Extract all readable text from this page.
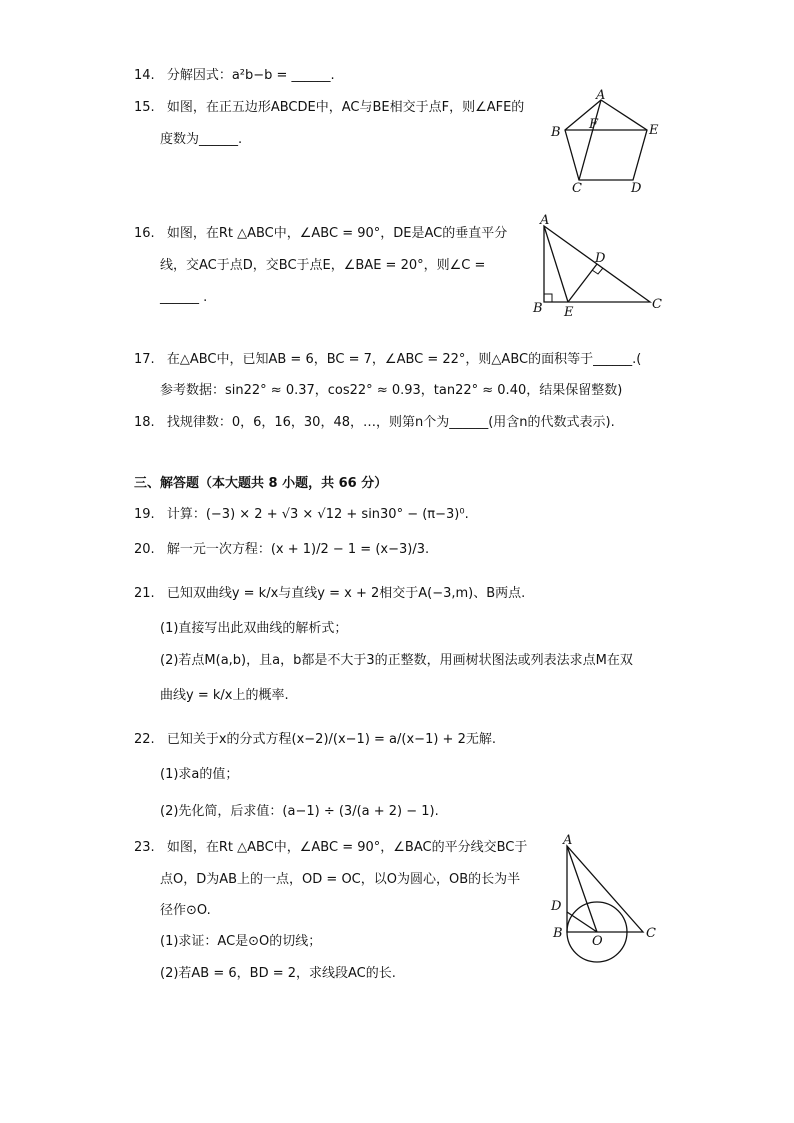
14. 分解因式：a²b−b = ______.
15. 如图，在正五边形ABCDE中，AC与BE相交于点F，则∠AFE的
度数为______.
A
B
F	E
C	D
16. 如图，在Rt △ABC中，∠ABC = 90°，DE是AC的垂直平分
线，交AC于点D，交BC于点E，∠BAE = 20°，则∠C =
______ .
A
B E
D
C
17. 在△ABC中，已知AB = 6，BC = 7，∠ABC = 22°，则△ABC的面积等于______.(
参考数据：sin22° ≈ 0.37，cos22° ≈ 0.93，tan22° ≈ 0.40，结果保留整数)
18. 找规律数：0，6，16，30，48，…，则第n个为______(用含n的代数式表示).
三、解答题（本大题共 8 小题，共 66 分）
19. 计算：(−3) × 2 + √3 × √12 + sin30° − (π−3)⁰.
20. 解一元一次方程：(x + 1)/2 − 1 = (x−3)/3.
21. 已知双曲线y = k/x与直线y = x + 2相交于A(−3,m)、B两点.
(1)直接写出此双曲线的解析式；
(2)若点M(a,b)，且a，b都是不大于3的正整数，用画树状图法或列表法求点M在双
曲线y = k/x上的概率.
22. 已知关于x的分式方程(x−2)/(x−1) = a/(x−1) + 2无解.
(1)求a的值；
(2)先化简，后求值：(a−1) ÷ (3/(a + 2) − 1).
23. 如图，在Rt △ABC中，∠ABC = 90°，∠BAC的平分线交BC于
点O，D为AB上的一点，OD = OC，以O为圆心，OB的长为半
径作⊙O.
(1)求证：AC是⊙O的切线；
(2)若AB = 6，BD = 2，求线段AC的长.
A
D
B
O
C
